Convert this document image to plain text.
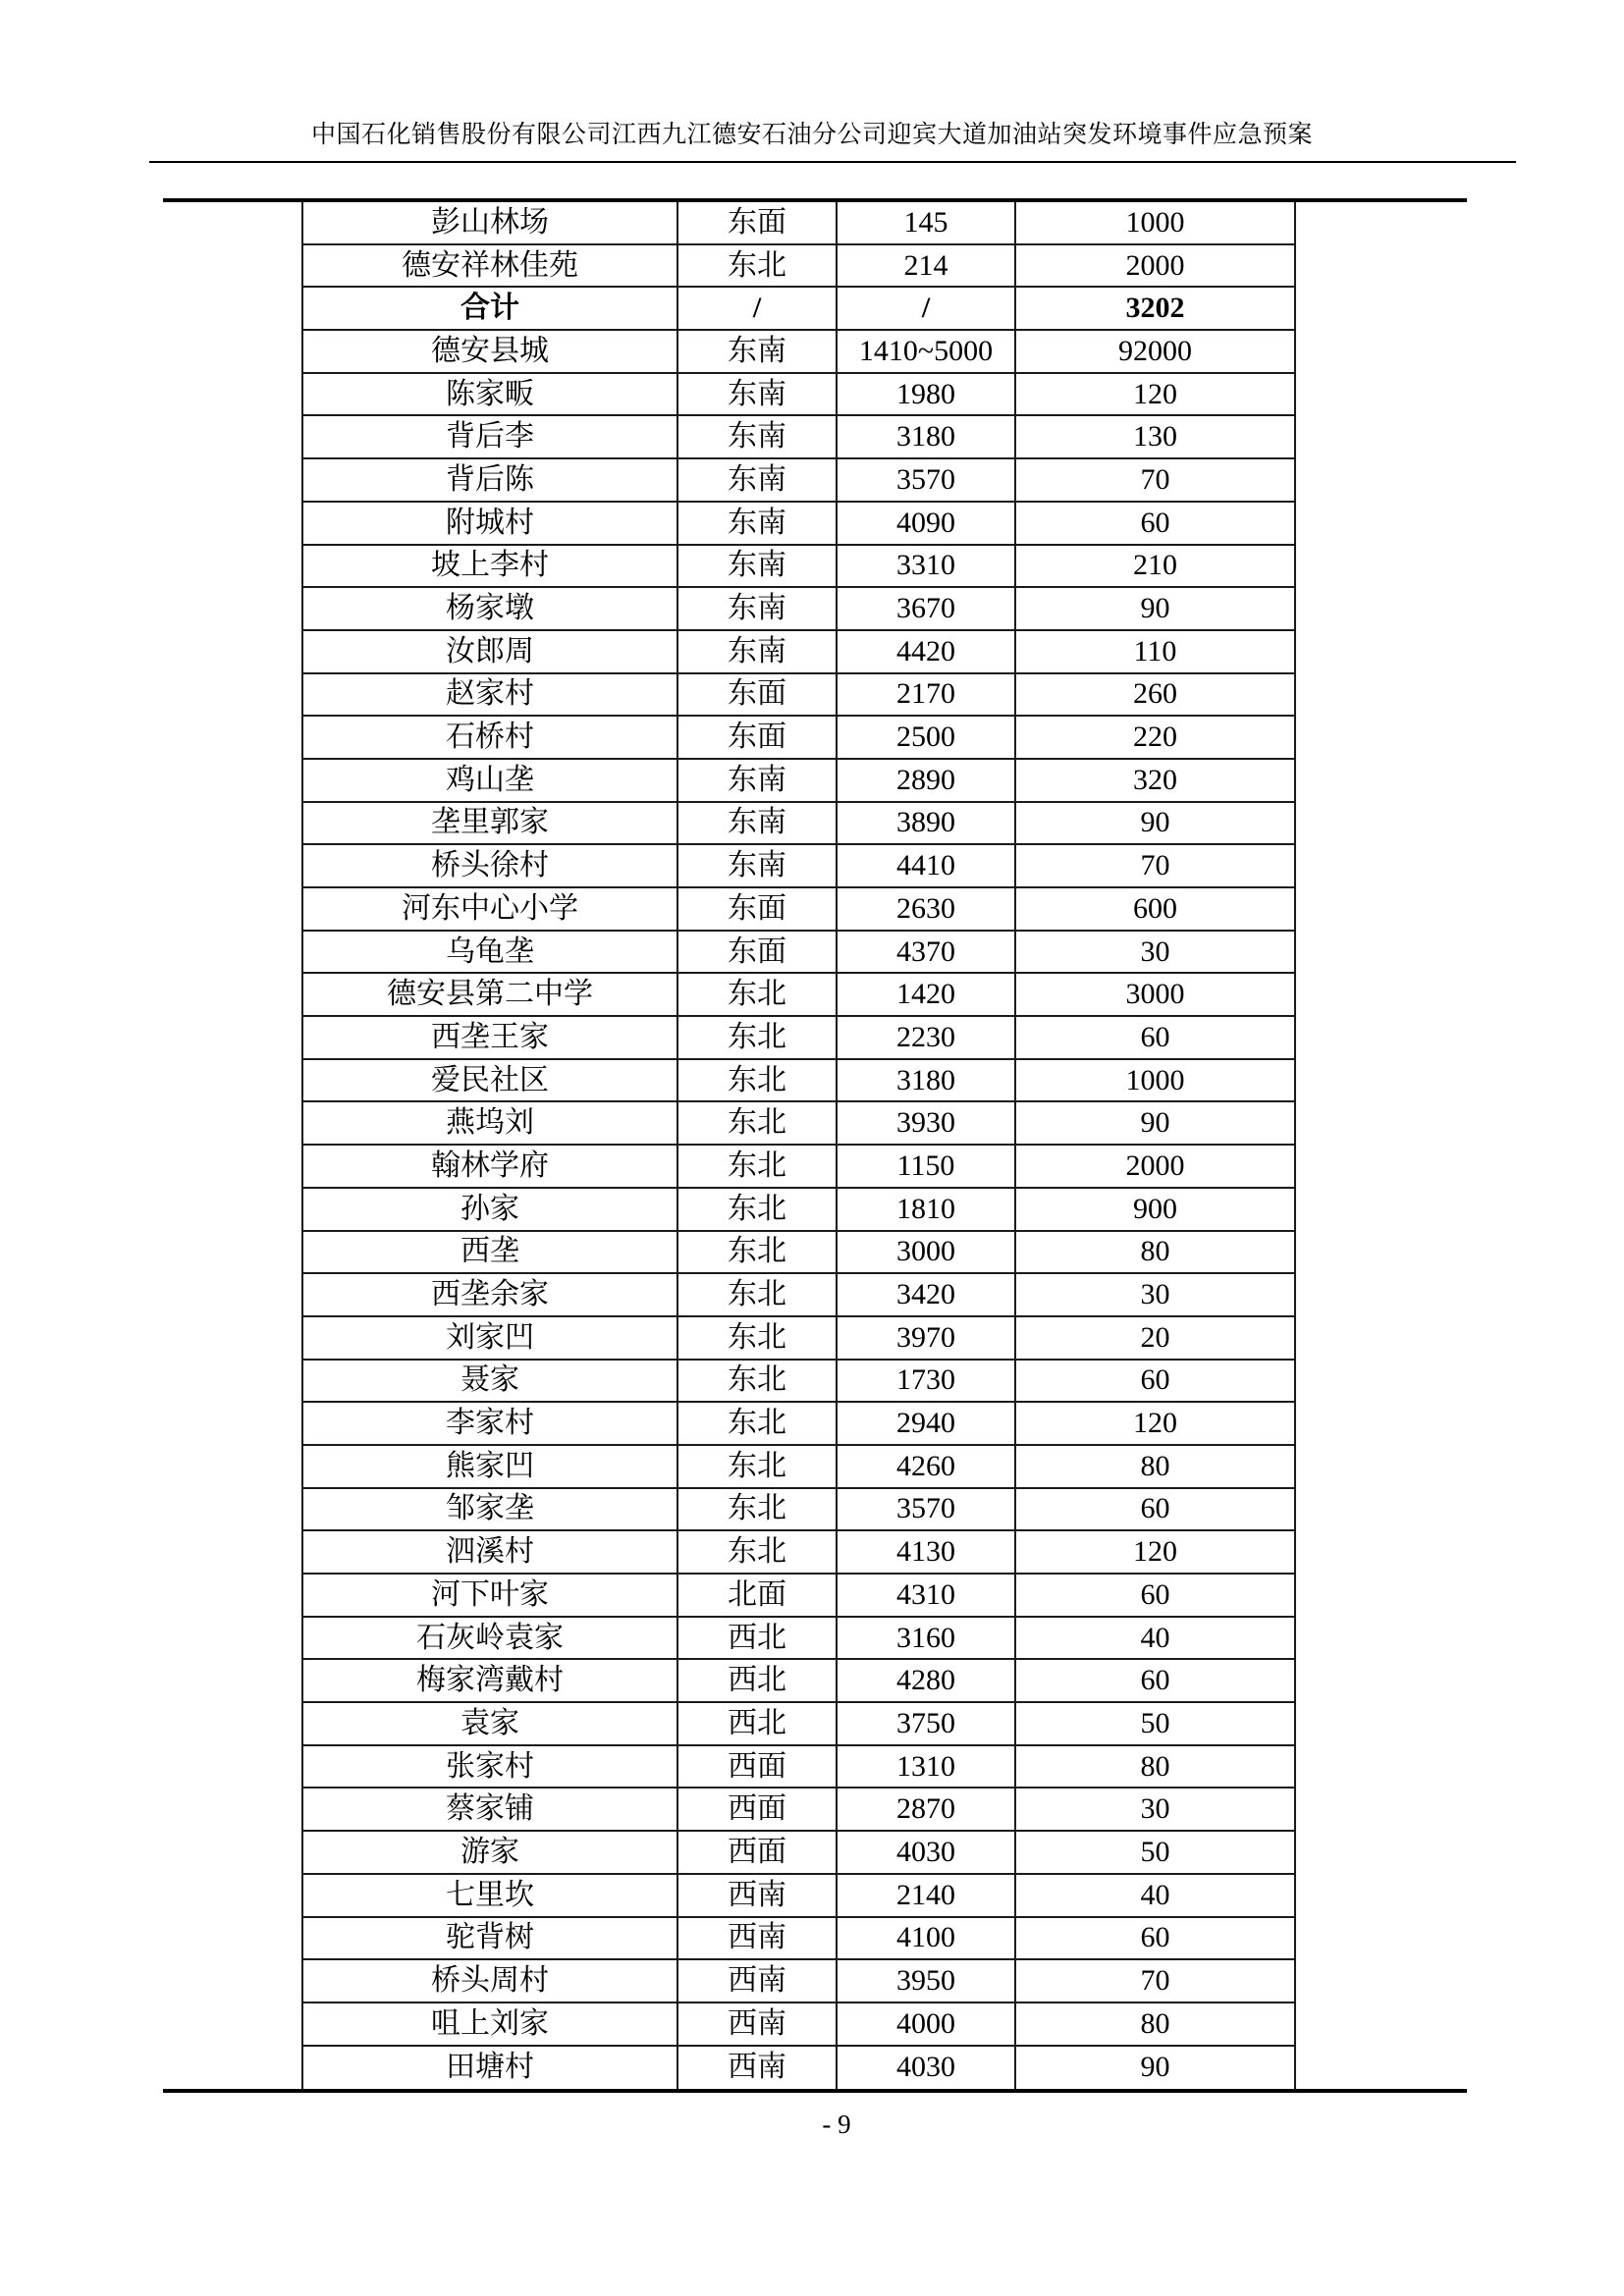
中国石化销售股份有限公司江西九江德安石油分公司迎宾大道加油站突发环境事件应急预案
彭山林场	东面	145	1000
德安祥林佳苑	东北	214	2000
合计	/	/	3202
德安县城	东南	1410~5000	92000
陈家畈	东南	1980	120
背后李	东南	3180	130
背后陈	东南	3570	70
附城村	东南	4090	60
坡上李村	东南	3310	210
杨家墩	东南	3670	90
汝郎周	东南	4420	110
赵家村	东面	2170	260
石桥村	东面	2500	220
鸡山垄	东南	2890	320
垄里郭家	东南	3890	90
桥头徐村	东南	4410	70
河东中心小学	东面	2630	600
乌龟垄	东面	4370	30
德安县第二中学	东北	1420	3000
西垄王家	东北	2230	60
爱民社区	东北	3180	1000
燕坞刘	东北	3930	90
翰林学府	东北	1150	2000
孙家	东北	1810	900
西垄	东北	3000	80
西垄余家	东北	3420	30
刘家凹	东北	3970	20
聂家	东北	1730	60
李家村	东北	2940	120
熊家凹	东北	4260	80
邹家垄	东北	3570	60
泗溪村	东北	4130	120
河下叶家	北面	4310	60
石灰岭袁家	西北	3160	40
梅家湾戴村	西北	4280	60
袁家	西北	3750	50
张家村	西面	1310	80
蔡家铺	西面	2870	30
游家	西面	4030	50
七里坎	西南	2140	40
驼背树	西南	4100	60
桥头周村	西南	3950	70
咀上刘家	西南	4000	80
田塘村	西南	4030	90
- 9
